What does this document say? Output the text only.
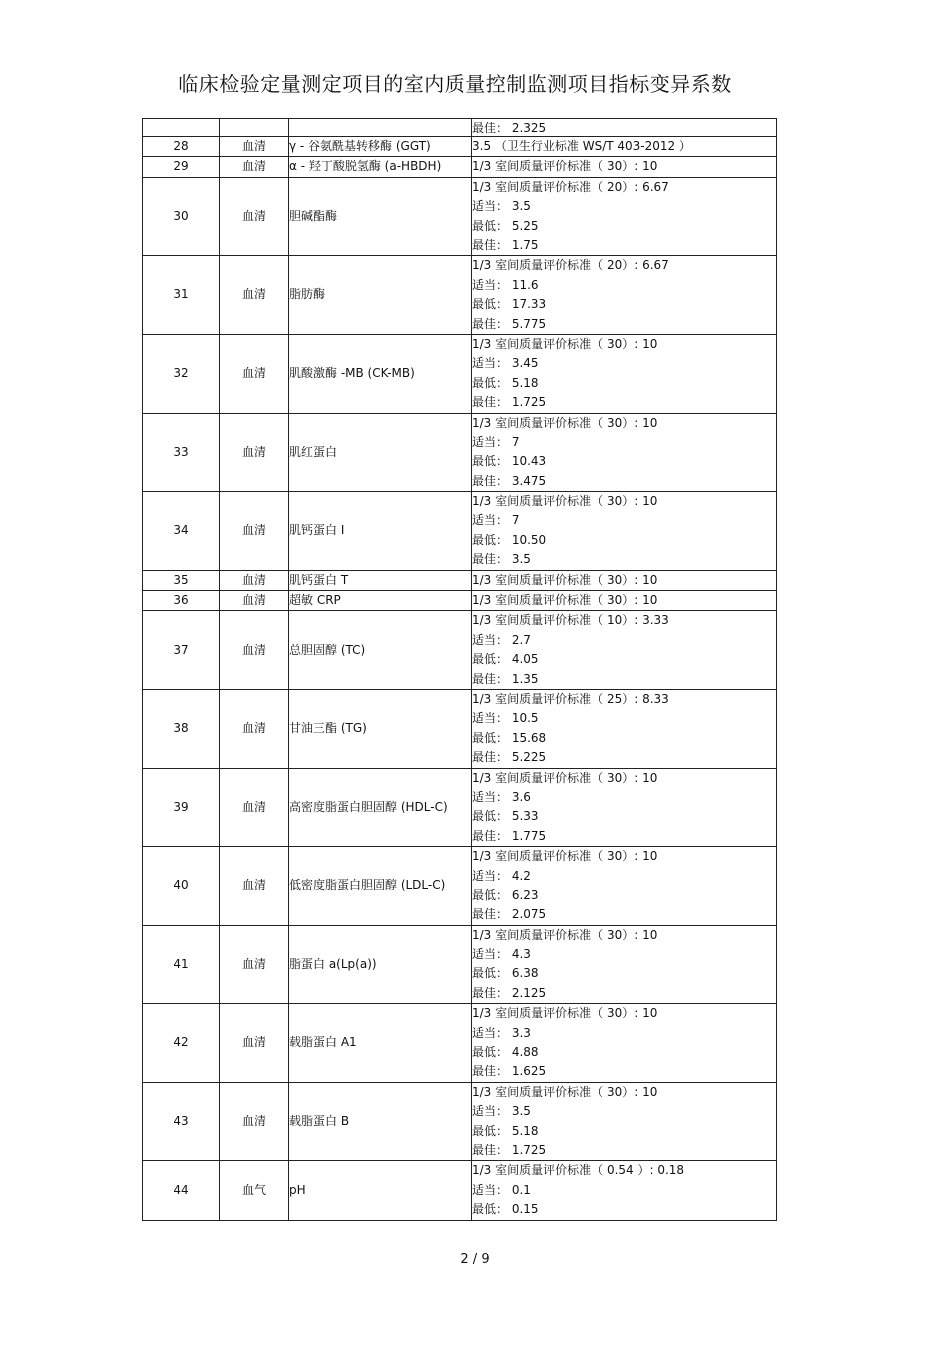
临床检验定量测定项目的室内质量控制监测项目指标变异系数

			最佳： 2.325

28	血清	γ - 谷氨酰基转移酶 (GGT)	3.5 （卫生行业标准 WS/T 403-2012 ）

29	血清	α - 羟丁酸脱氢酶 (a-HBDH)	1/3 室间质量评价标准（ 30）: 10

30	血清	胆碱酯酶	1/3 室间质量评价标准（ 20）: 6.67
适当： 3.5
最低： 5.25
最佳： 1.75

31	血清	脂肪酶	1/3 室间质量评价标准（ 20）: 6.67
适当： 11.6
最低： 17.33
最佳： 5.775

32	血清	肌酸激酶 -MB (CK-MB)	1/3 室间质量评价标准（ 30）: 10
适当： 3.45
最低： 5.18
最佳： 1.725

33	血清	肌红蛋白	1/3 室间质量评价标准（ 30）: 10
适当： 7
最低： 10.43
最佳： 3.475

34	血清	肌钙蛋白 I	1/3 室间质量评价标准（ 30）: 10
适当： 7
最低： 10.50
最佳： 3.5

35	血清	肌钙蛋白 T	1/3 室间质量评价标准（ 30）: 10

36	血清	超敏 CRP	1/3 室间质量评价标准（ 30）: 10

37	血清	总胆固醇 (TC)	1/3 室间质量评价标准（ 10）: 3.33
适当： 2.7
最低： 4.05
最佳： 1.35

38	血清	甘油三酯 (TG)	1/3 室间质量评价标准（ 25）: 8.33
适当： 10.5
最低： 15.68
最佳： 5.225

39	血清	高密度脂蛋白胆固醇 (HDL-C)	1/3 室间质量评价标准（ 30）: 10
适当： 3.6
最低： 5.33
最佳： 1.775

40	血清	低密度脂蛋白胆固醇 (LDL-C)	1/3 室间质量评价标准（ 30）: 10
适当： 4.2
最低： 6.23
最佳： 2.075

41	血清	脂蛋白 a(Lp(a))	1/3 室间质量评价标准（ 30）: 10
适当： 4.3
最低： 6.38
最佳： 2.125

42	血清	载脂蛋白 A1	1/3 室间质量评价标准（ 30）: 10
适当： 3.3
最低： 4.88
最佳： 1.625

43	血清	载脂蛋白 B	1/3 室间质量评价标准（ 30）: 10
适当： 3.5
最低： 5.18
最佳： 1.725

44	血气	pH	1/3 室间质量评价标准（ 0.54 ）: 0.18
适当： 0.1
最低： 0.15
2 / 9
